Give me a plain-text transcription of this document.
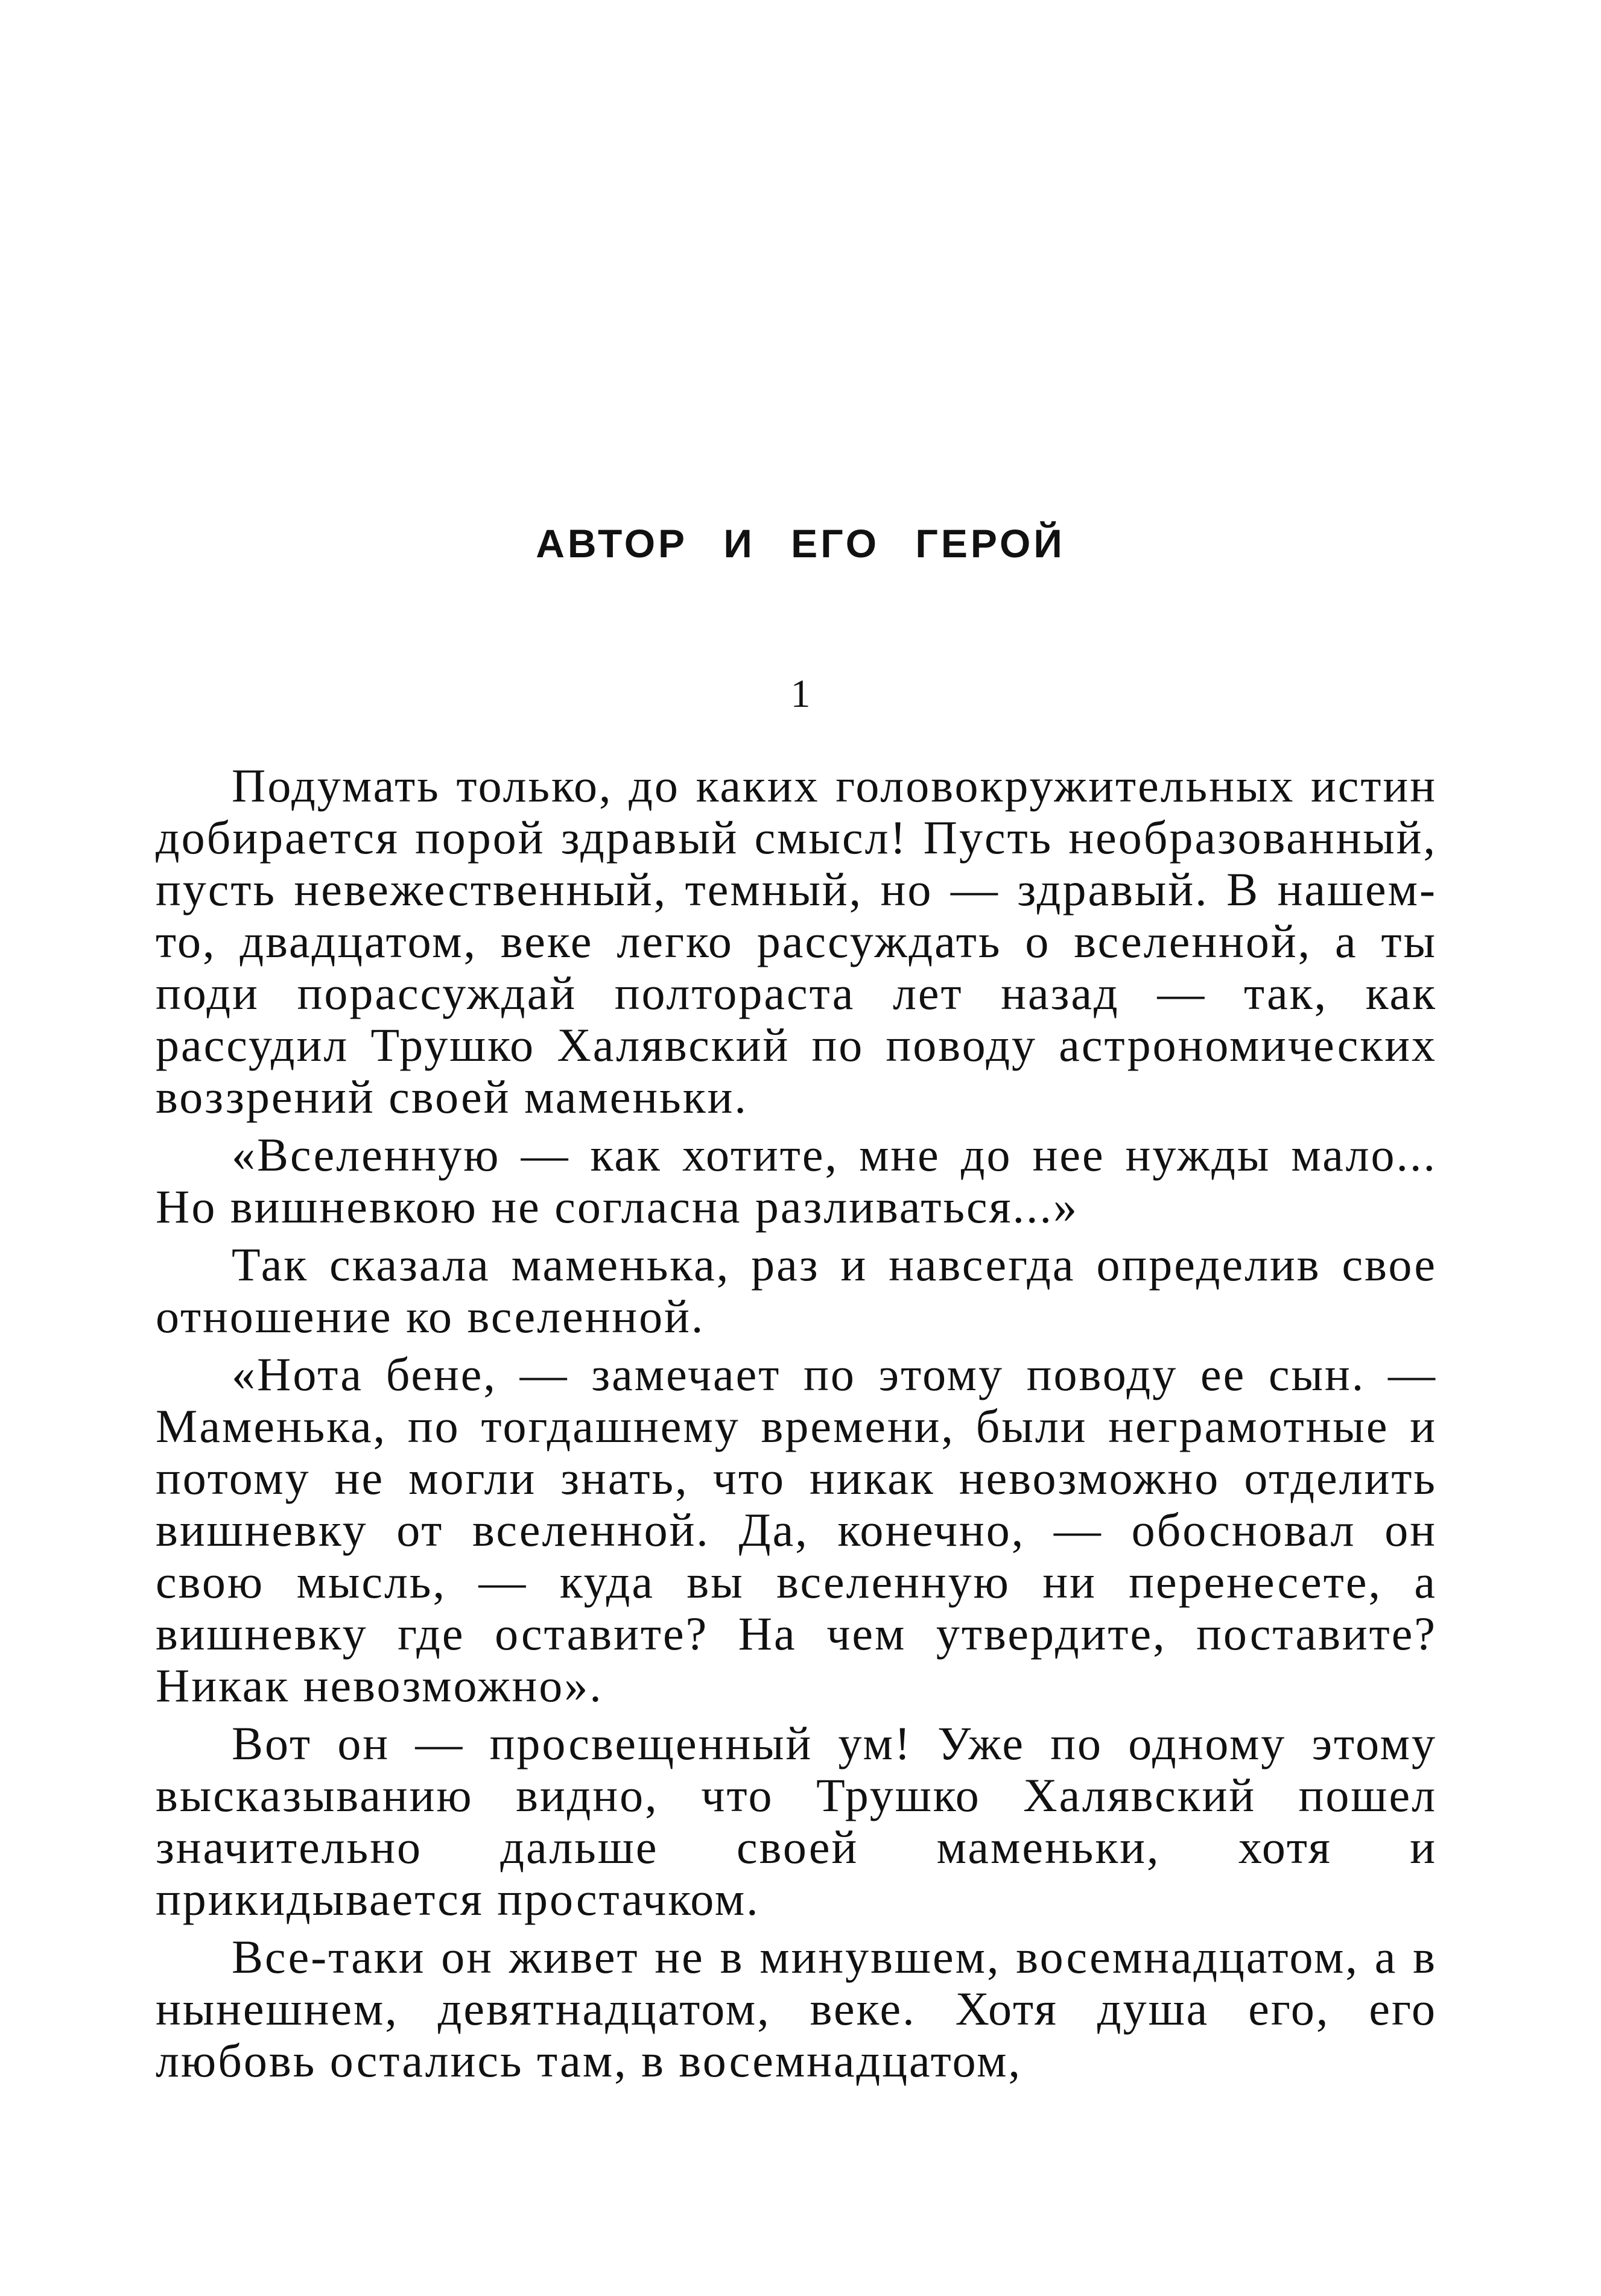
АВТОР И ЕГО ГЕРОЙ
1

Подумать только, до каких головокружительных истин добирается порой здравый смысл! Пусть необразованный, пусть невежественный, темный, но — здравый. В нашем-то, двадцатом, веке легко рассуждать о вселенной, а ты поди порассуждай полтораста лет назад — так, как рассудил Трушко Халявский по поводу астрономических воззрений своей маменьки.

«Вселенную — как хотите, мне до нее нужды мало... Но вишневкою не согласна разливаться...»

Так сказала маменька, раз и навсегда определив свое отношение ко вселенной.

«Нота бене, — замечает по этому поводу ее сын. — Маменька, по тогдашнему времени, были неграмотные и потому не могли знать, что никак невозможно отделить вишневку от вселенной. Да, конечно, — обосновал он свою мысль, — куда вы вселенную ни перенесете, а вишневку где оставите? На чем утвердите, поставите? Никак невозможно».

Вот он — просвещенный ум! Уже по одному этому высказыванию видно, что Трушко Халявский пошел значительно дальше своей маменьки, хотя и прикидывается простачком.

Все-таки он живет не в минувшем, восемнадцатом, а в нынешнем, девятнадцатом, веке. Хотя душа его, его любовь остались там, в восемнадцатом,
